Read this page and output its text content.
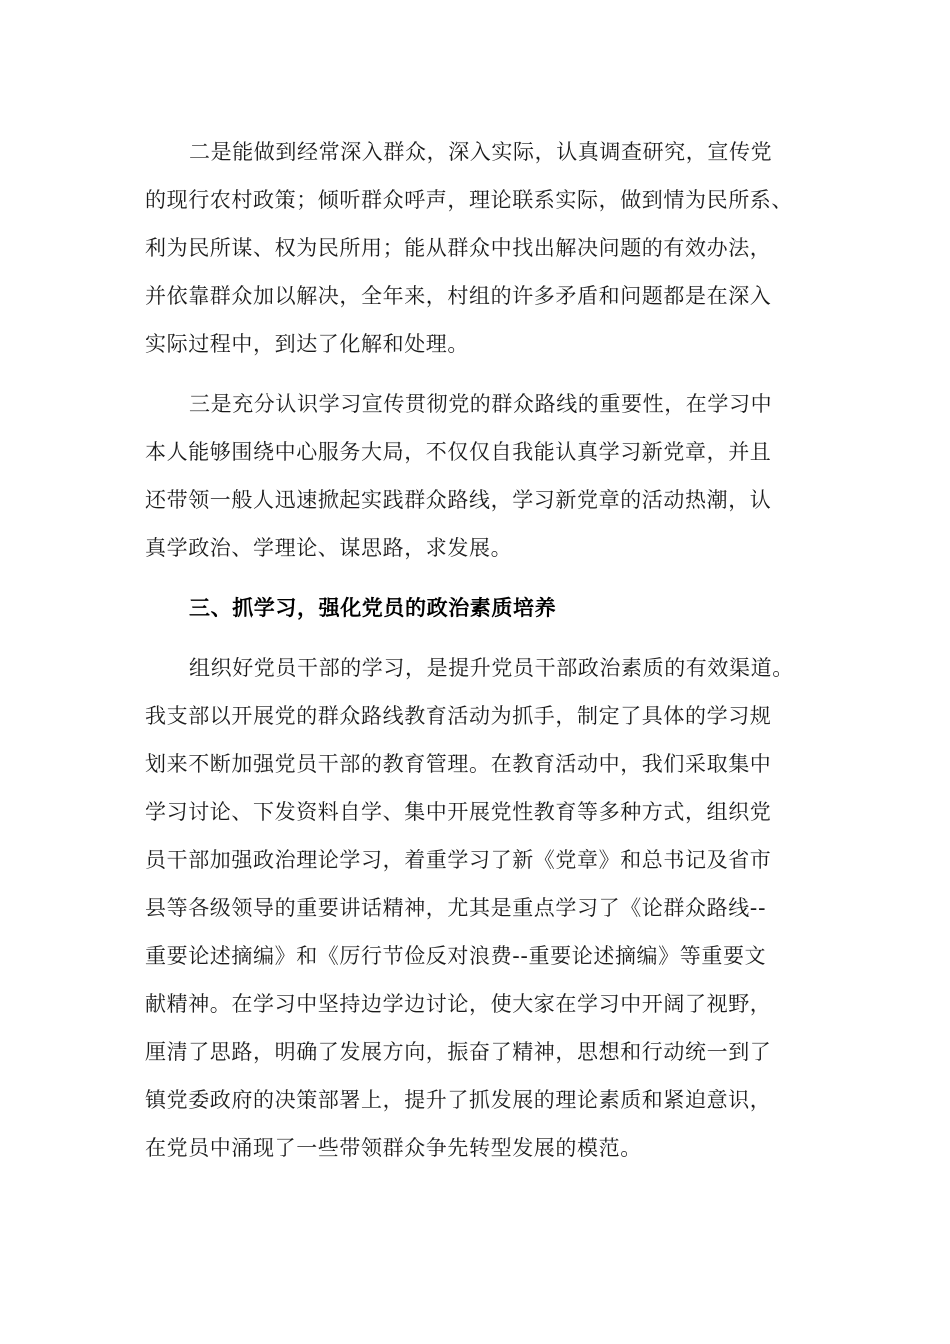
二是能做到经常深入群众，深入实际，认真调查研究，宣传党
的现行农村政策；倾听群众呼声，理论联系实际，做到情为民所系、
利为民所谋、权为民所用；能从群众中找出解决问题的有效办法，
并依靠群众加以解决，全年来，村组的许多矛盾和问题都是在深入
实际过程中，到达了化解和处理。
三是充分认识学习宣传贯彻党的群众路线的重要性，在学习中
本人能够围绕中心服务大局，不仅仅自我能认真学习新党章，并且
还带领一般人迅速掀起实践群众路线，学习新党章的活动热潮，认
真学政治、学理论、谋思路，求发展。
三、抓学习，强化党员的政治素质培养
组织好党员干部的学习，是提升党员干部政治素质的有效渠道。
我支部以开展党的群众路线教育活动为抓手，制定了具体的学习规
划来不断加强党员干部的教育管理。在教育活动中，我们采取集中
学习讨论、下发资料自学、集中开展党性教育等多种方式，组织党
员干部加强政治理论学习，着重学习了新《党章》和总书记及省市
县等各级领导的重要讲话精神，尤其是重点学习了《论群众路线--
重要论述摘编》和《厉行节俭反对浪费--重要论述摘编》等重要文
献精神。在学习中坚持边学边讨论，使大家在学习中开阔了视野，
厘清了思路，明确了发展方向，振奋了精神，思想和行动统一到了
镇党委政府的决策部署上，提升了抓发展的理论素质和紧迫意识，
在党员中涌现了一些带领群众争先转型发展的模范。
